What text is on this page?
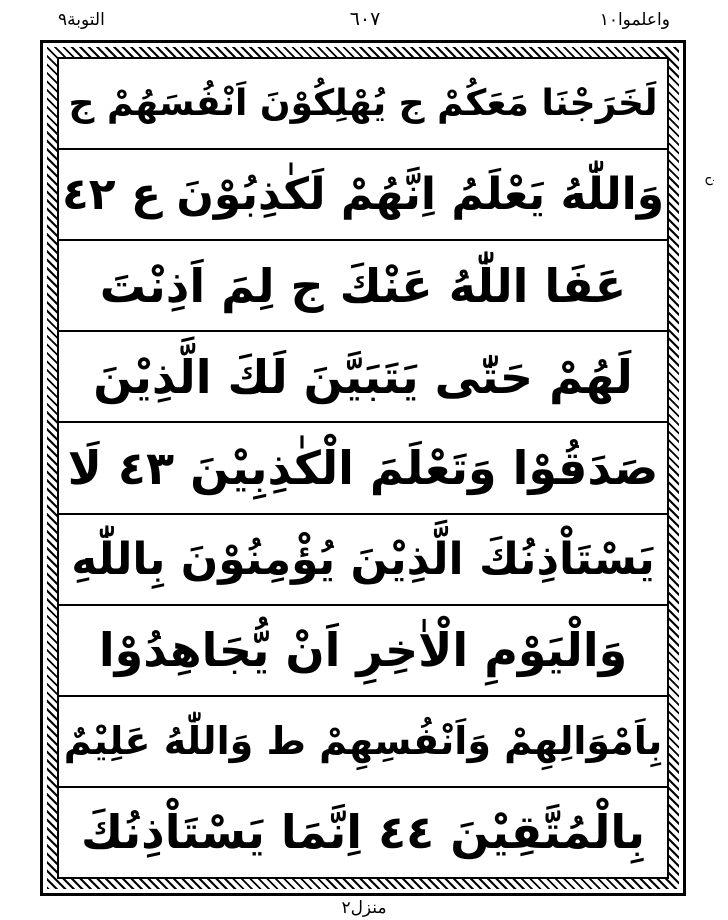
التوبة٩	٦٠٧	واعلموا١٠
ن
لَخَرَجْنَا مَعَكُمْ ج يُهْلِكُوْنَ اَنْفُسَهُمْ ج
وَاللّٰهُ يَعْلَمُ اِنَّهُمْ لَكٰذِبُوْنَ ع ٤٢
عَفَا اللّٰهُ عَنْكَ ج لِمَ اَذِنْتَ
لَهُمْ حَتّٰى يَتَبَيَّنَ لَكَ الَّذِيْنَ
صَدَقُوْا وَتَعْلَمَ الْكٰذِبِيْنَ ٤٣ لَا
يَسْتَاْذِنُكَ الَّذِيْنَ يُؤْمِنُوْنَ بِاللّٰهِ
وَالْيَوْمِ الْاٰخِرِ اَنْ يُّجَاهِدُوْا
بِاَمْوَالِهِمْ وَاَنْفُسِهِمْ ط وَاللّٰهُ عَلِيْمٌ
بِالْمُتَّقِيْنَ ٤٤ اِنَّمَا يَسْتَاْذِنُكَ
منزل٢
